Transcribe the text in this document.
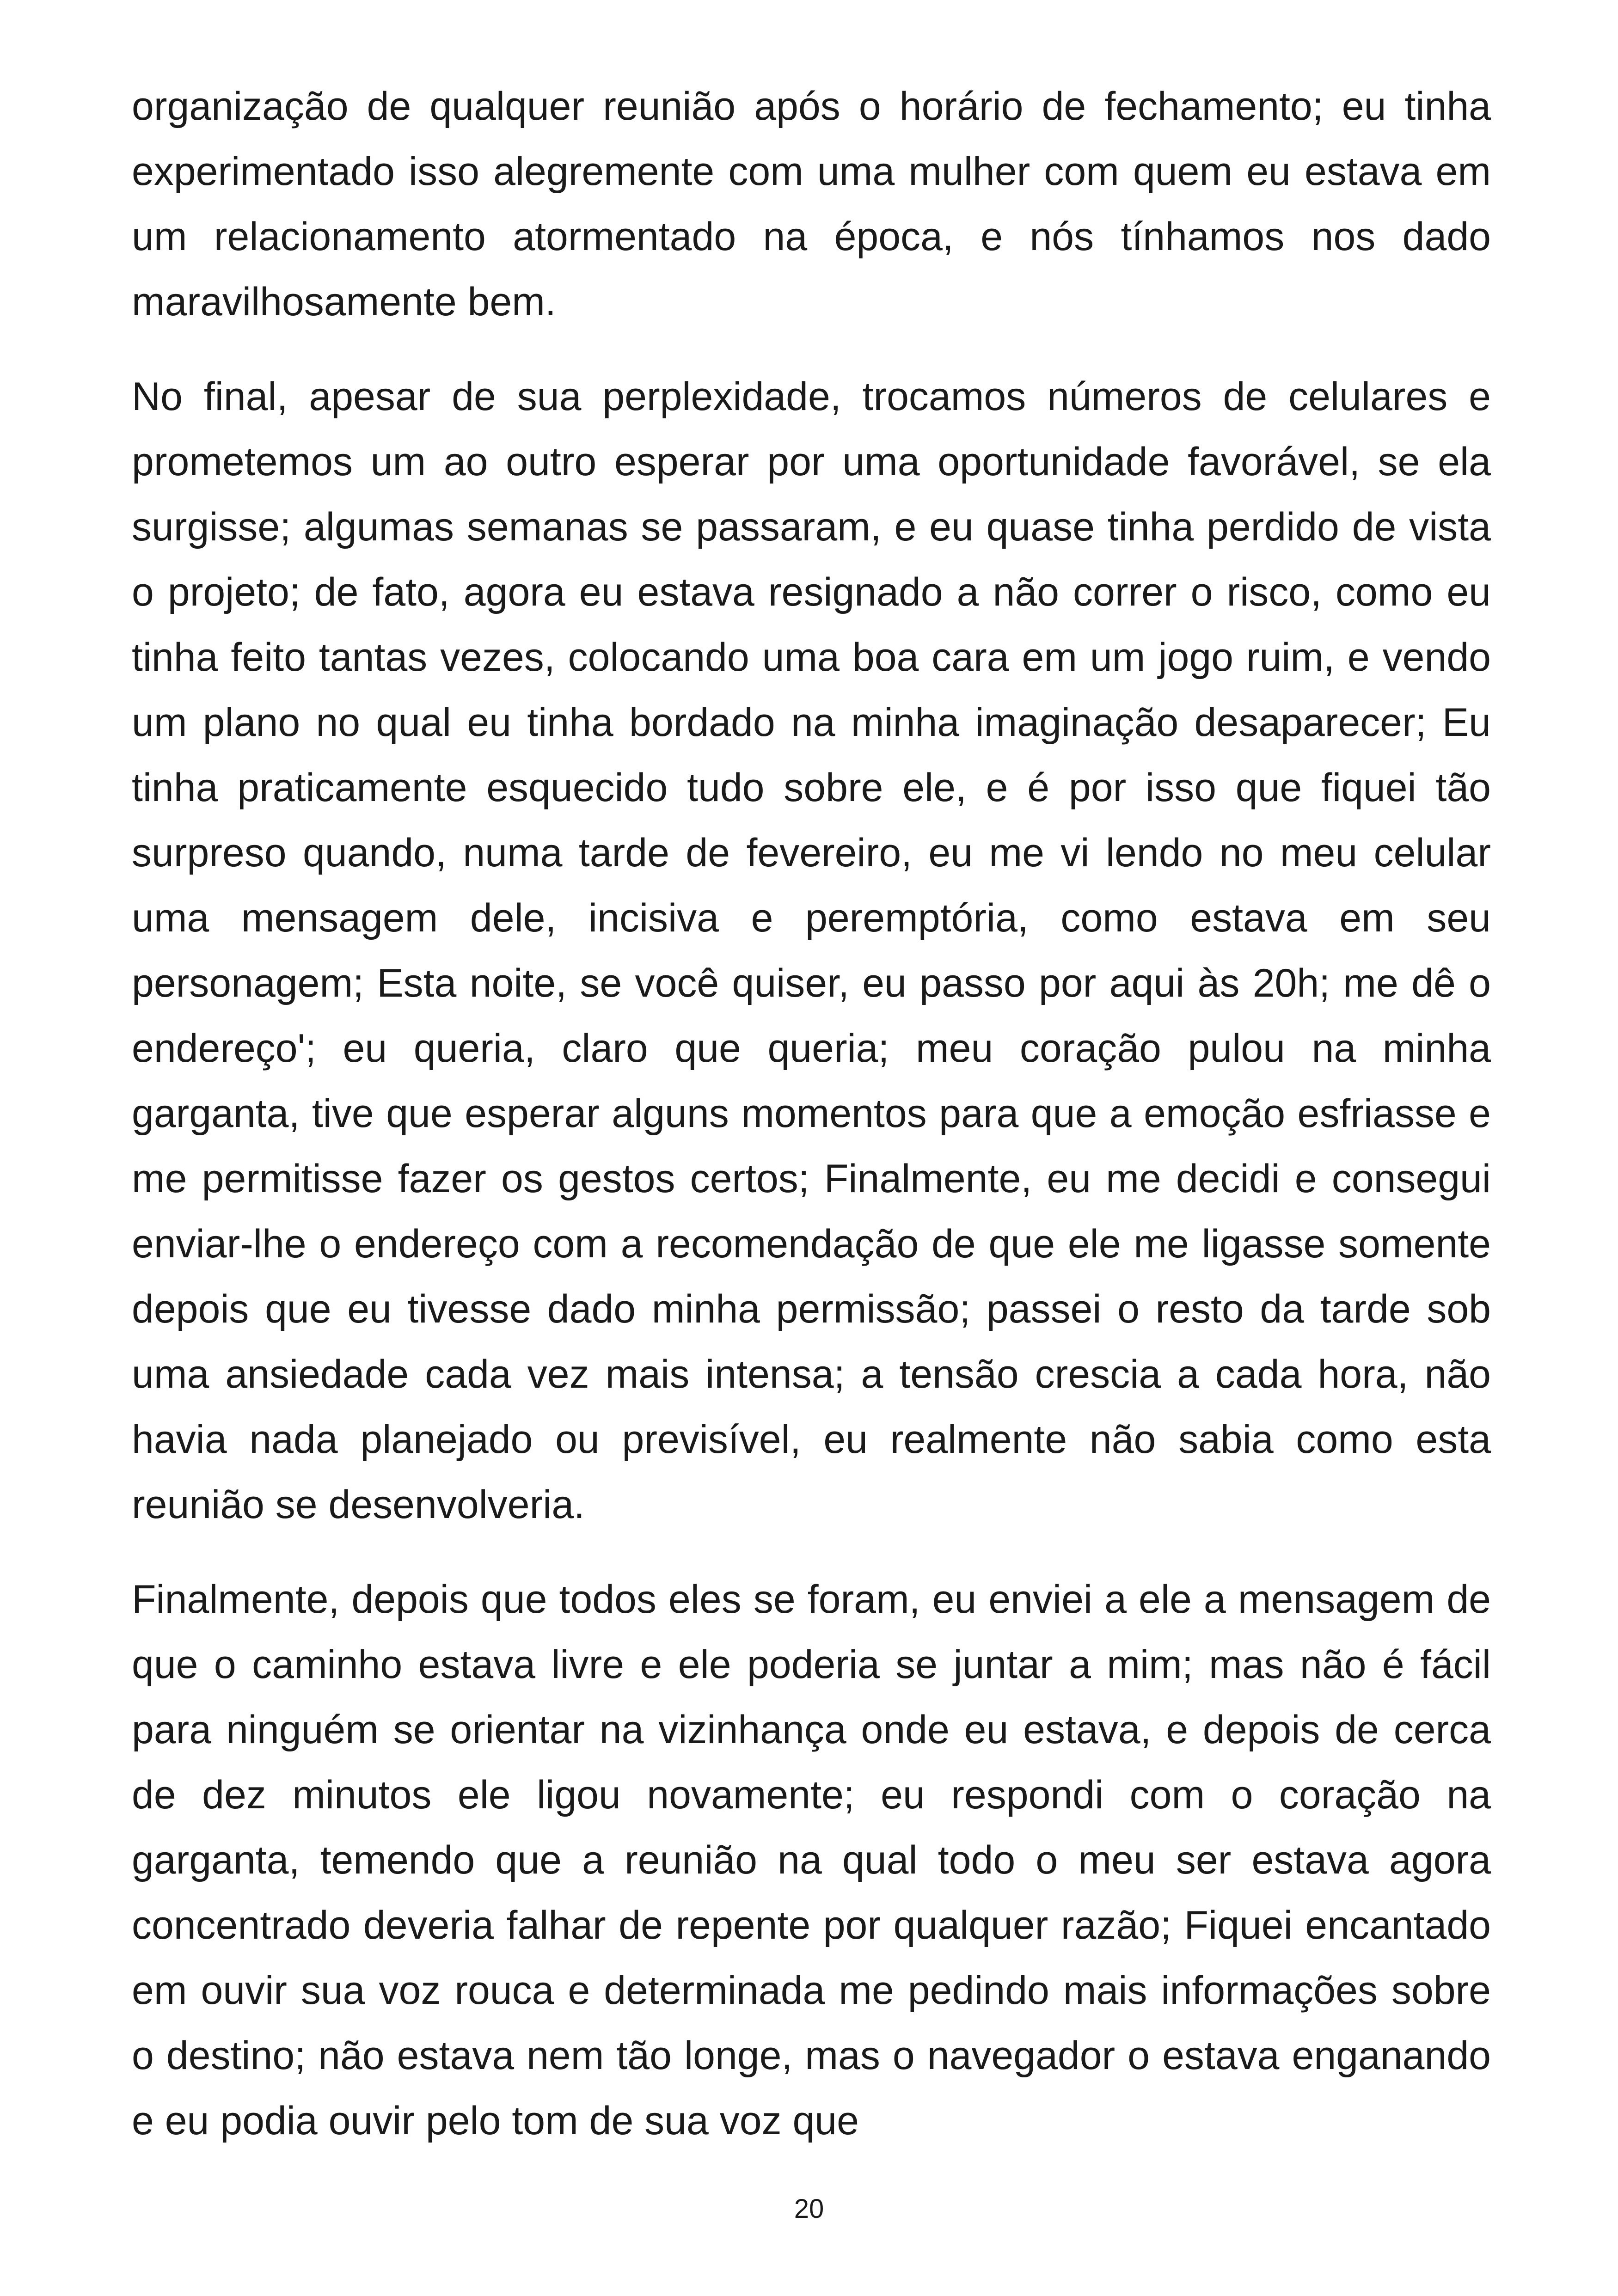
organização de qualquer reunião após o horário de fechamento; eu tinha experimentado isso alegremente com uma mulher com quem eu estava em um relacionamento atormentado na época, e nós tínhamos nos dado maravilhosamente bem.

No final, apesar de sua perplexidade, trocamos números de celulares e prometemos um ao outro esperar por uma oportunidade favorável, se ela surgisse; algumas semanas se passaram, e eu quase tinha perdido de vista o projeto; de fato, agora eu estava resignado a não correr o risco, como eu tinha feito tantas vezes, colocando uma boa cara em um jogo ruim, e vendo um plano no qual eu tinha bordado na minha imaginação desaparecer; Eu tinha praticamente esquecido tudo sobre ele, e é por isso que fiquei tão surpreso quando, numa tarde de fevereiro, eu me vi lendo no meu celular uma mensagem dele, incisiva e peremptória, como estava em seu personagem; Esta noite, se você quiser, eu passo por aqui às 20h; me dê o endereço'; eu queria, claro que queria; meu coração pulou na minha garganta, tive que esperar alguns momentos para que a emoção esfriasse e me permitisse fazer os gestos certos; Finalmente, eu me decidi e consegui enviar-lhe o endereço com a recomendação de que ele me ligasse somente depois que eu tivesse dado minha permissão; passei o resto da tarde sob uma ansiedade cada vez mais intensa; a tensão crescia a cada hora, não havia nada planejado ou previsível, eu realmente não sabia como esta reunião se desenvolveria.

Finalmente, depois que todos eles se foram, eu enviei a ele a mensagem de que o caminho estava livre e ele poderia se juntar a mim; mas não é fácil para ninguém se orientar na vizinhança onde eu estava, e depois de cerca de dez minutos ele ligou novamente; eu respondi com o coração na garganta, temendo que a reunião na qual todo o meu ser estava agora concentrado deveria falhar de repente por qualquer razão; Fiquei encantado em ouvir sua voz rouca e determinada me pedindo mais informações sobre o destino; não estava nem tão longe, mas o navegador o estava enganando e eu podia ouvir pelo tom de sua voz que

20
